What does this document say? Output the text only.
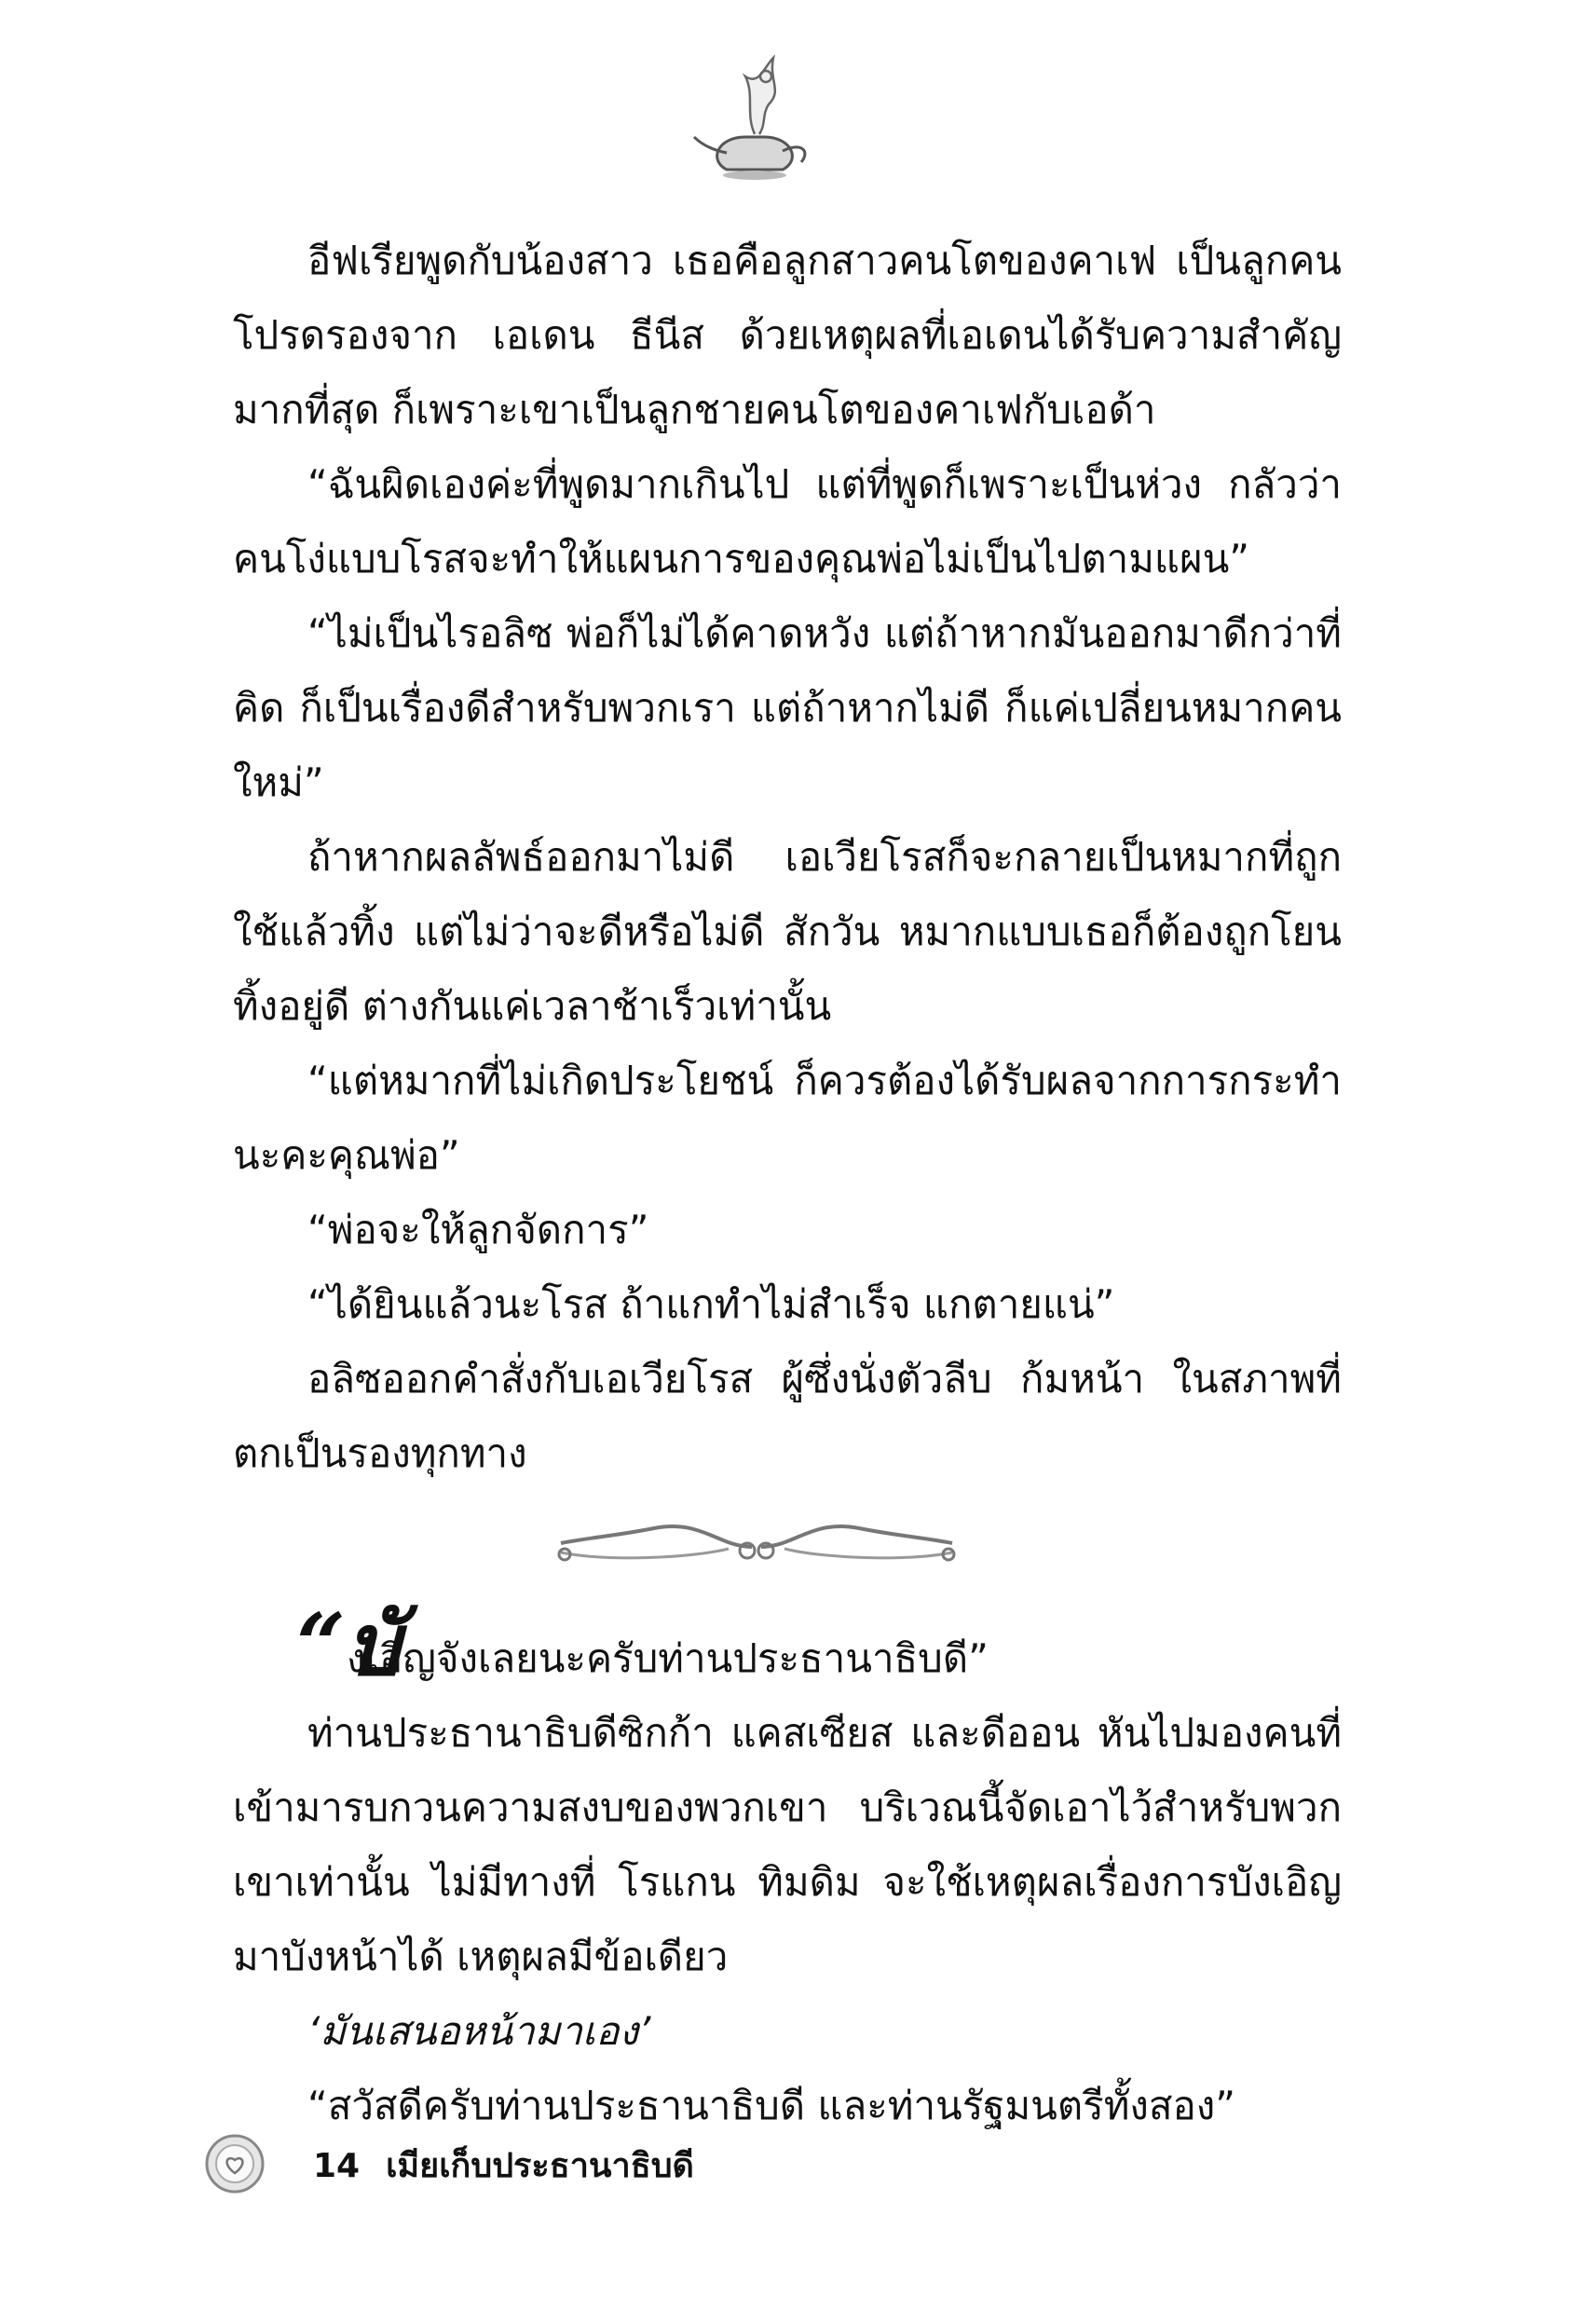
อีฟเรียพูดกับน้องสาว เธอคือลูกสาวคนโตของคาเฟ เป็นลูกคนโปรดรองจาก เอเดน ธีนีส ด้วยเหตุผลที่เอเดนได้รับความสำคัญมากที่สุด ก็เพราะเขาเป็นลูกชายคนโตของคาเฟกับเอด้า
“ฉันผิดเองค่ะที่พูดมากเกินไป แต่ที่พูดก็เพราะเป็นห่วง กลัวว่าคนโง่แบบโรสจะทำให้แผนการของคุณพ่อไม่เป็นไปตามแผน”
“ไม่เป็นไรอลิซ พ่อก็ไม่ได้คาดหวัง แต่ถ้าหากมันออกมาดีกว่าที่คิด ก็เป็นเรื่องดีสำหรับพวกเรา แต่ถ้าหากไม่ดี ก็แค่เปลี่ยนหมากคนใหม่”
ถ้าหากผลลัพธ์ออกมาไม่ดี เอเวียโรสก็จะกลายเป็นหมากที่ถูกใช้แล้วทิ้ง แต่ไม่ว่าจะดีหรือไม่ดี สักวัน หมากแบบเธอก็ต้องถูกโยนทิ้งอยู่ดี ต่างกันแค่เวลาช้าเร็วเท่านั้น
“แต่หมากที่ไม่เกิดประโยชน์ ก็ควรต้องได้รับผลจากการกระทำนะคะคุณพ่อ”
“พ่อจะให้ลูกจัดการ”
“ได้ยินแล้วนะโรส ถ้าแกทำไม่สำเร็จ แกตายแน่”
อลิซออกคำสั่งกับเอเวียโรส ผู้ซึ่งนั่งตัวลีบ ก้มหน้า ในสภาพที่ตกเป็นรองทุกทาง
“บั
งเอิญจังเลยนะครับท่านประธานาธิบดี”
ท่านประธานาธิบดีซิกก้า แคสเซียส และดีออน หันไปมองคนที่เข้ามารบกวนความสงบของพวกเขา บริเวณนี้จัดเอาไว้สำหรับพวกเขาเท่านั้น ไม่มีทางที่ โรแกน ทิมดิม จะใช้เหตุผลเรื่องการบังเอิญมาบังหน้าได้ เหตุผลมีข้อเดียว
‘มันเสนอหน้ามาเอง’
“สวัสดีครับท่านประธานาธิบดี และท่านรัฐมนตรีทั้งสอง”
14 เมียเก็บประธานาธิบดี
